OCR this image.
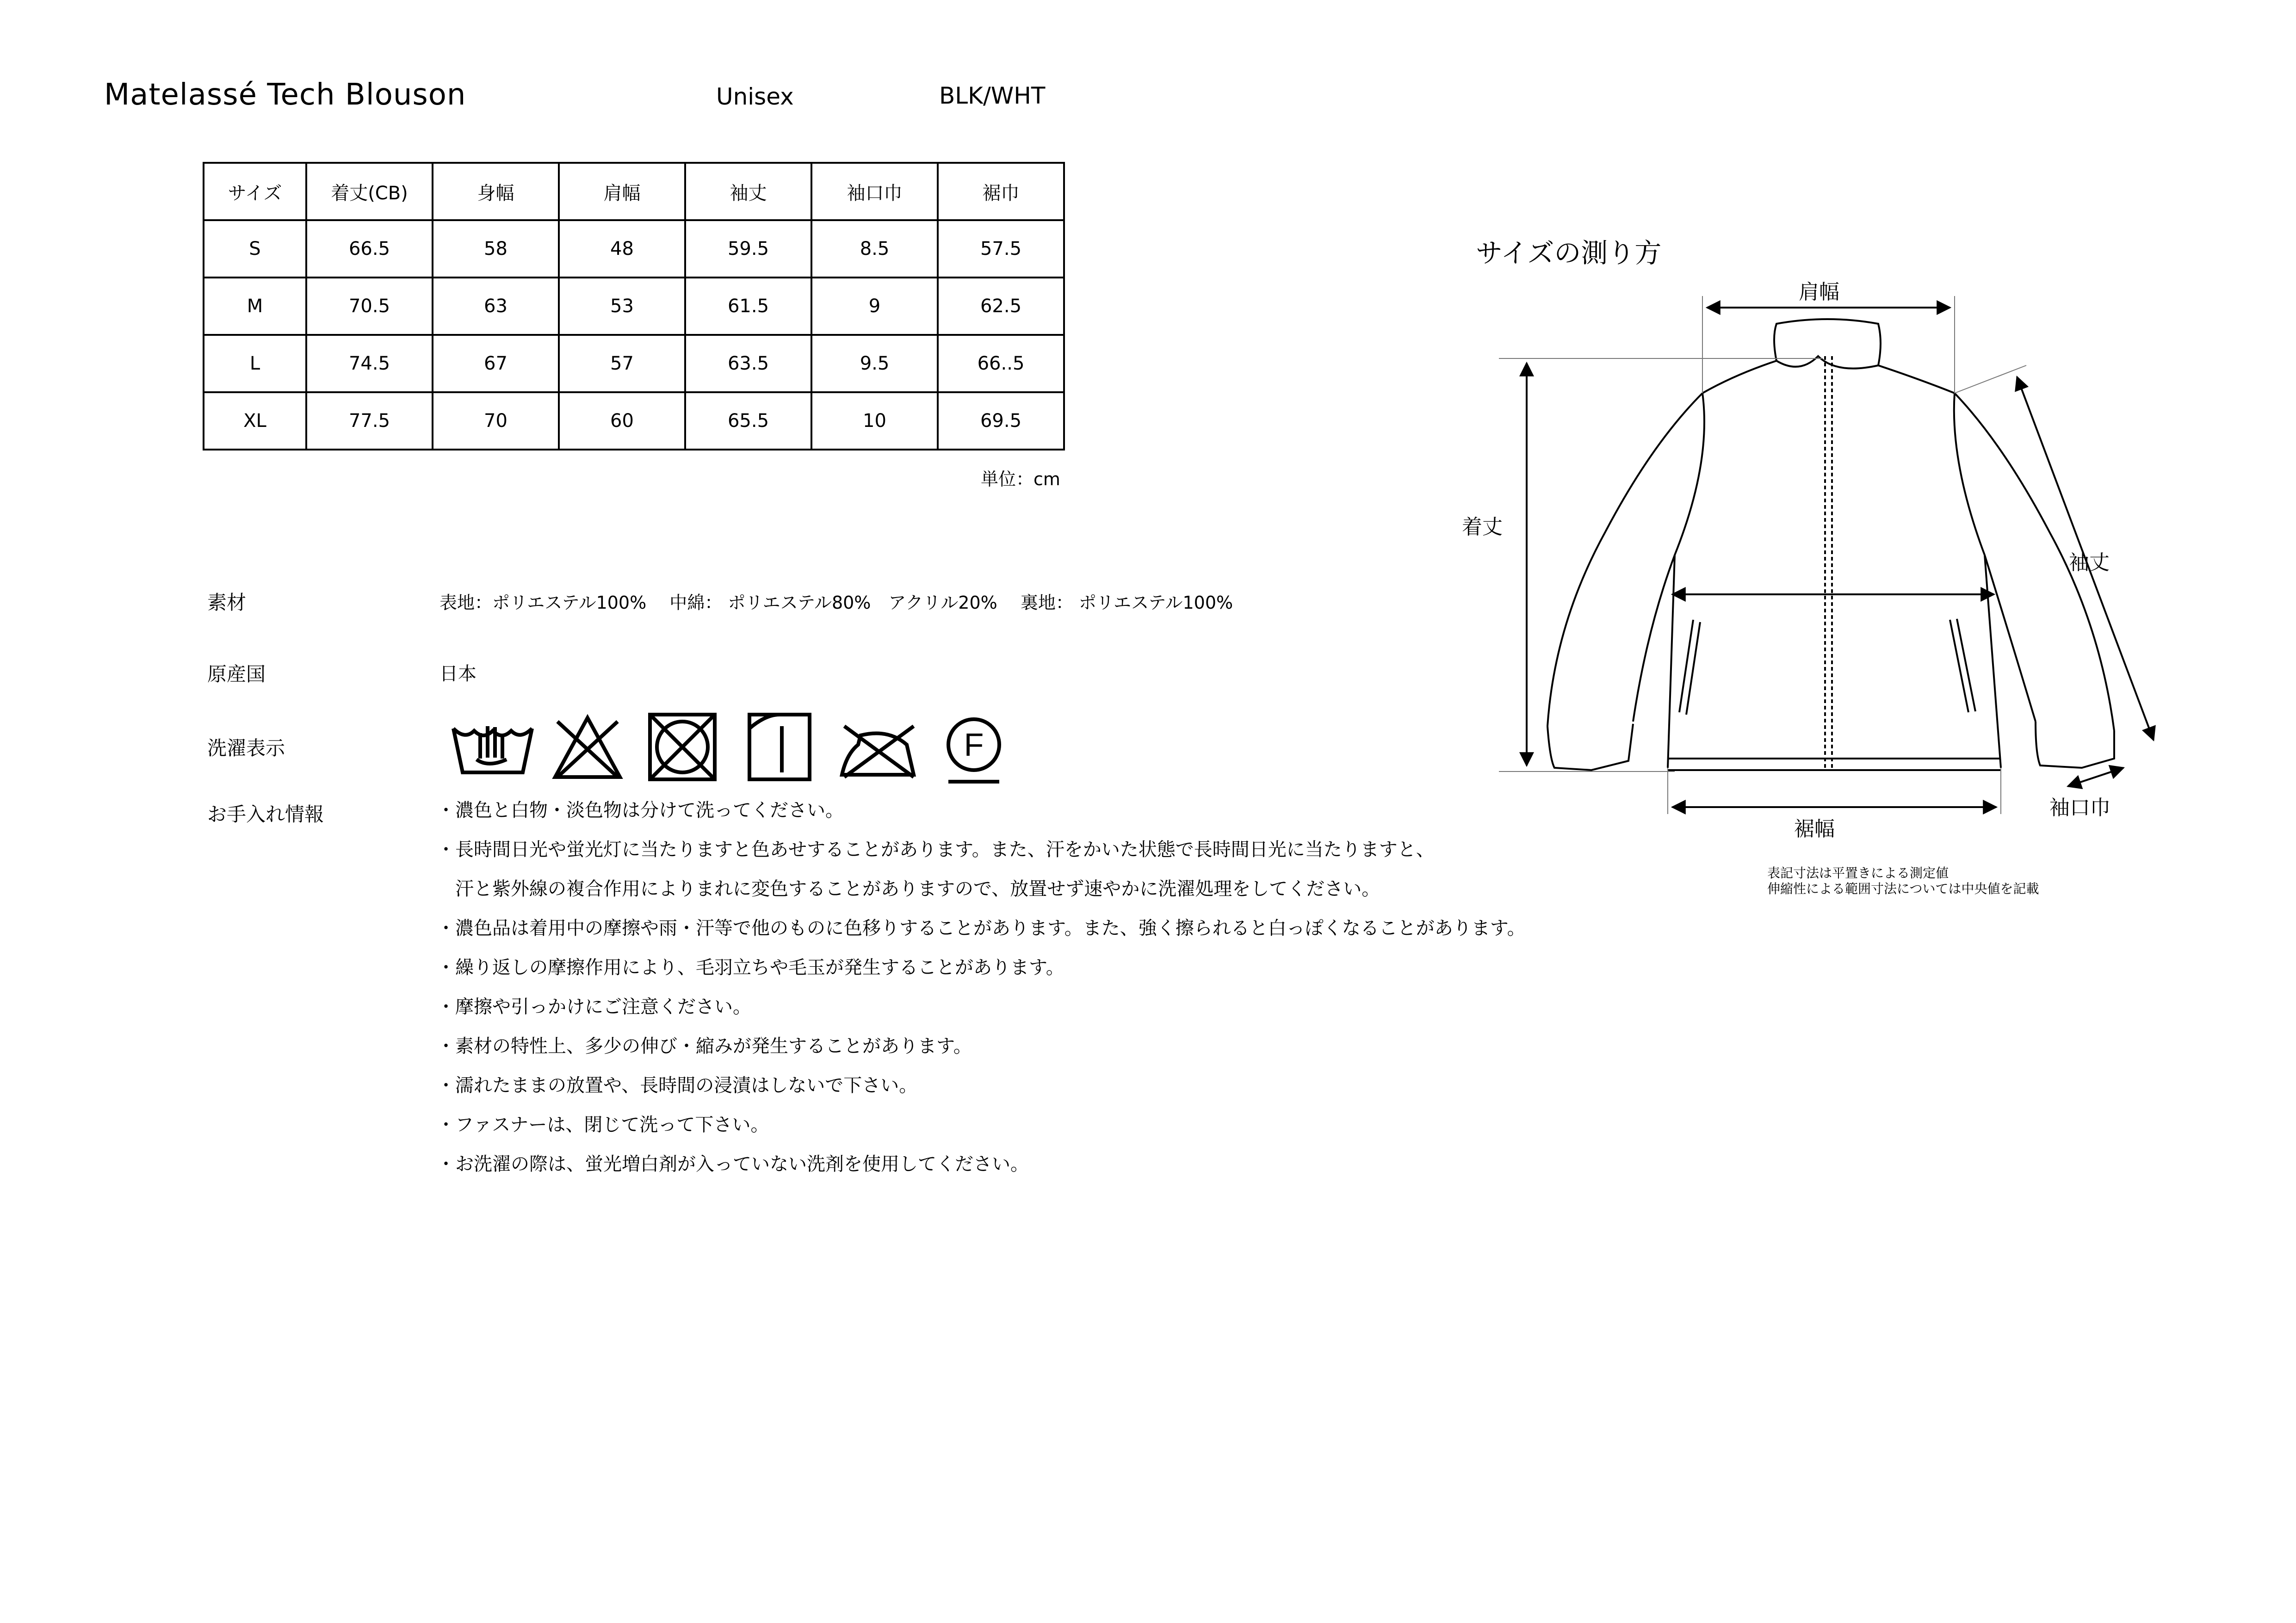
Matelassé Tech Blouson	Unisex	BLK/WHT
サイズ	着丈(CB)	身幅	肩幅	袖丈	袖口巾	裾巾
S	66.5	58	48	59.5	8.5	57.5
M	70.5	63	53	61.5	9	62.5
L	74.5	67	57	63.5	9.5	66..5
XL	77.5	70	60	65.5	10	69.5
単位：cm
素材	表地：ポリエステル100%　 中綿： ポリエステル80%　アクリル20%　 裏地： ポリエステル100%
原産国	日本
洗濯表示	F
お手入れ情報	・濃色と白物・淡色物は分けて洗ってください。
・長時間日光や蛍光灯に当たりますと色あせすることがあります。また、汗をかいた状態で長時間日光に当たりますと、
　汗と紫外線の複合作用によりまれに変色することがありますので、放置せず速やかに洗濯処理をしてください。
・濃色品は着用中の摩擦や雨・汗等で他のものに色移りすることがあります。また、強く擦られると白っぽくなることがあります。
・繰り返しの摩擦作用により、毛羽立ちや毛玉が発生することがあります。
・摩擦や引っかけにご注意ください。
・素材の特性上、多少の伸び・縮みが発生することがあります。
・濡れたままの放置や、長時間の浸漬はしないで下さい。
・ファスナーは、閉じて洗って下さい。
・お洗濯の際は、蛍光増白剤が入っていない洗剤を使用してください。
サイズの測り方
肩幅
着丈
袖丈
裾幅
袖口巾
表記寸法は平置きによる測定値
伸縮性による範囲寸法については中央値を記載
